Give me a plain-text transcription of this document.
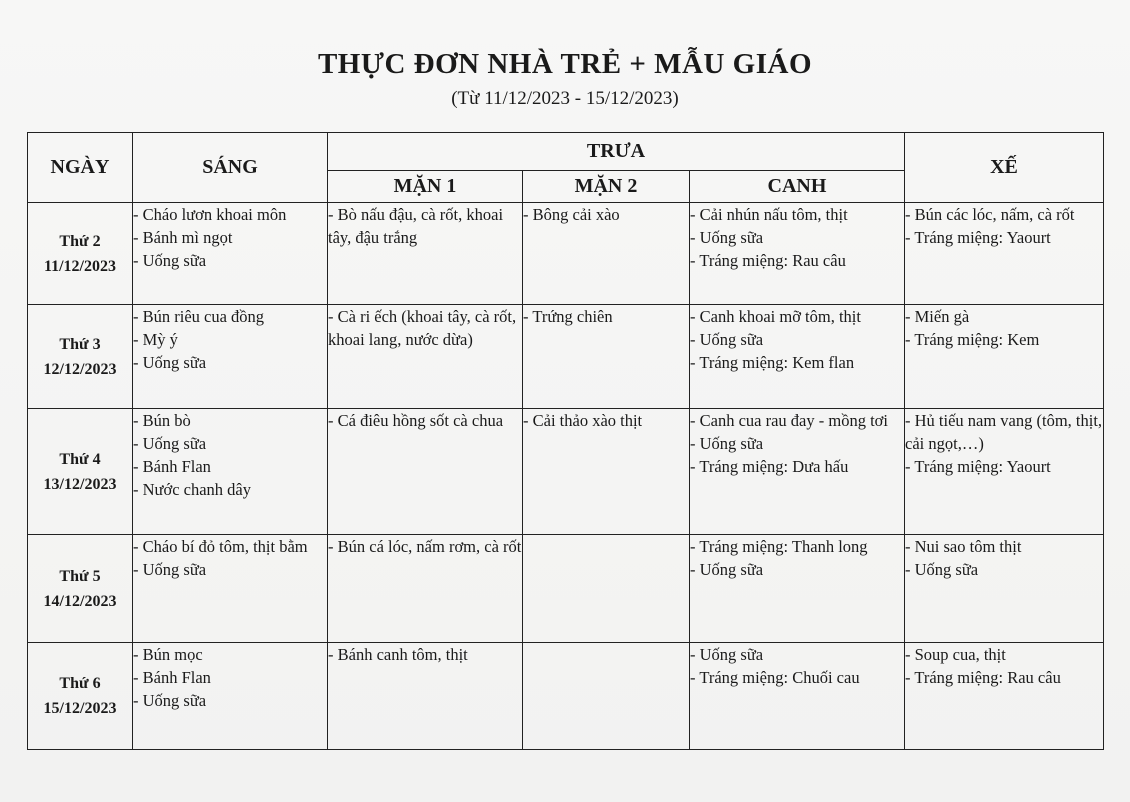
THỰC ĐƠN NHÀ TRẺ + MẪU GIÁO

(Từ 11/12/2023 - 15/12/2023)

NGÀY	SÁNG	TRƯA			XẾ
		MẶN 1	MẶN 2	CANH	

Thứ 2
11/12/2023	- Cháo lươn khoai môn
- Bánh mì ngọt
- Uống sữa	- Bò nấu đậu, cà rốt, khoai tây, đậu trắng	- Bông cải xào	- Cải nhún nấu tôm, thịt
- Uống sữa
- Tráng miệng: Rau câu	- Bún các lóc, nấm, cà rốt
- Tráng miệng: Yaourt

Thứ 3
12/12/2023	- Bún riêu cua đồng
- Mỳ ý
- Uống sữa	- Cà ri ếch (khoai tây, cà rốt, khoai lang, nước dừa)	- Trứng chiên	- Canh khoai mỡ tôm, thịt
- Uống sữa
- Tráng miệng: Kem flan	- Miến gà
- Tráng miệng: Kem

Thứ 4
13/12/2023	- Bún bò
- Uống sữa
- Bánh Flan
- Nước chanh dây	- Cá điêu hồng sốt cà chua	- Cải thảo xào thịt	- Canh cua rau đay - mồng tơi
- Uống sữa
- Tráng miệng: Dưa hấu	- Hủ tiếu nam vang (tôm, thịt, cải ngọt,…)
- Tráng miệng: Yaourt

Thứ 5
14/12/2023	- Cháo bí đỏ tôm, thịt bằm
- Uống sữa	- Bún cá lóc, nấm rơm, cà rốt		- Tráng miệng: Thanh long
- Uống sữa	- Nui sao tôm thịt
- Uống sữa

Thứ 6
15/12/2023	- Bún mọc
- Bánh Flan
- Uống sữa	- Bánh canh tôm, thịt		- Uống sữa
- Tráng miệng: Chuối cau	- Soup cua, thịt
- Tráng miệng: Rau câu
